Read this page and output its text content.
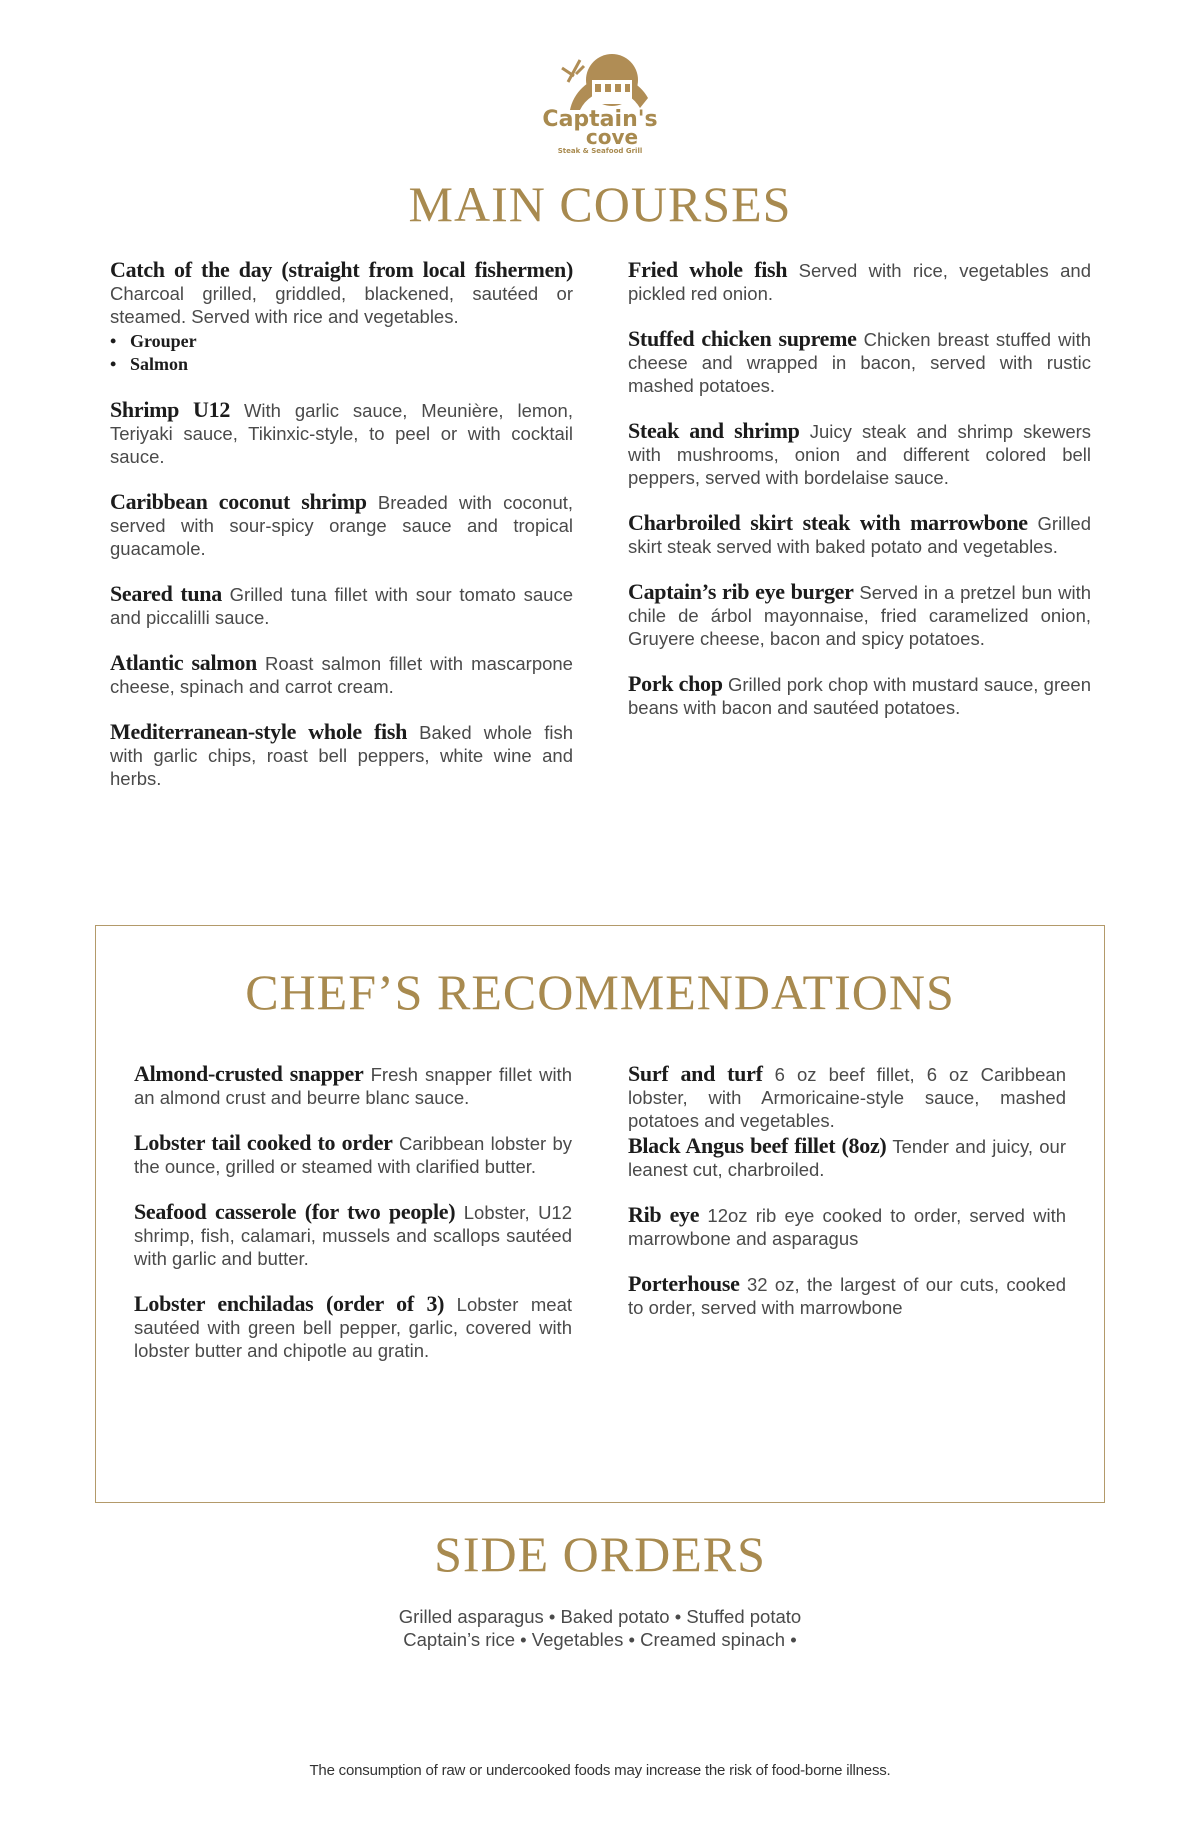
Captain's
cove
Steak & Seafood Grill
MAIN COURSES
Catch of the day (straight from local fishermen) Charcoal grilled, griddled, blackened, sautéed or steamed. Served with rice and vegetables.
• Grouper
• Salmon
Shrimp U12 With garlic sauce, Meunière, lemon, Teriyaki sauce, Tikinxic-style, to peel or with cocktail sauce.
Caribbean coconut shrimp Breaded with coconut, served with sour-spicy orange sauce and tropical guacamole.
Seared tuna Grilled tuna fillet with sour tomato sauce and piccalilli sauce.
Atlantic salmon Roast salmon fillet with mascarpone cheese, spinach and carrot cream.
Mediterranean-style whole fish Baked whole fish with garlic chips, roast bell peppers, white wine and herbs.
Fried whole fish Served with rice, vegetables and pickled red onion.
Stuffed chicken supreme Chicken breast stuffed with cheese and wrapped in bacon, served with rustic mashed potatoes.
Steak and shrimp Juicy steak and shrimp skewers with mushrooms, onion and different colored bell peppers, served with bordelaise sauce.
Charbroiled skirt steak with marrowbone Grilled skirt steak served with baked potato and vegetables.
Captain’s rib eye burger Served in a pretzel bun with chile de árbol mayonnaise, fried caramelized onion, Gruyere cheese, bacon and spicy potatoes.
Pork chop Grilled pork chop with mustard sauce, green beans with bacon and sautéed potatoes.
CHEF’S RECOMMENDATIONS
Almond-crusted snapper Fresh snapper fillet with an almond crust and beurre blanc sauce.
Lobster tail cooked to order Caribbean lobster by the ounce, grilled or steamed with clarified butter.
Seafood casserole (for two people) Lobster, U12 shrimp, fish, calamari, mussels and scallops sautéed with garlic and butter.
Lobster enchiladas (order of 3) Lobster meat sautéed with green bell pepper, garlic, covered with lobster butter and chipotle au gratin.
Surf and turf 6 oz beef fillet, 6 oz Caribbean lobster, with Armoricaine-style sauce, mashed potatoes and vegetables.
Black Angus beef fillet (8oz) Tender and juicy, our leanest cut, charbroiled.
Rib eye 12oz rib eye cooked to order, served with marrowbone and asparagus
Porterhouse 32 oz, the largest of our cuts, cooked to order, served with marrowbone
SIDE ORDERS
Grilled asparagus • Baked potato • Stuffed potato
Captain’s rice • Vegetables • Creamed spinach •
The consumption of raw or undercooked foods may increase the risk of food-borne illness.
